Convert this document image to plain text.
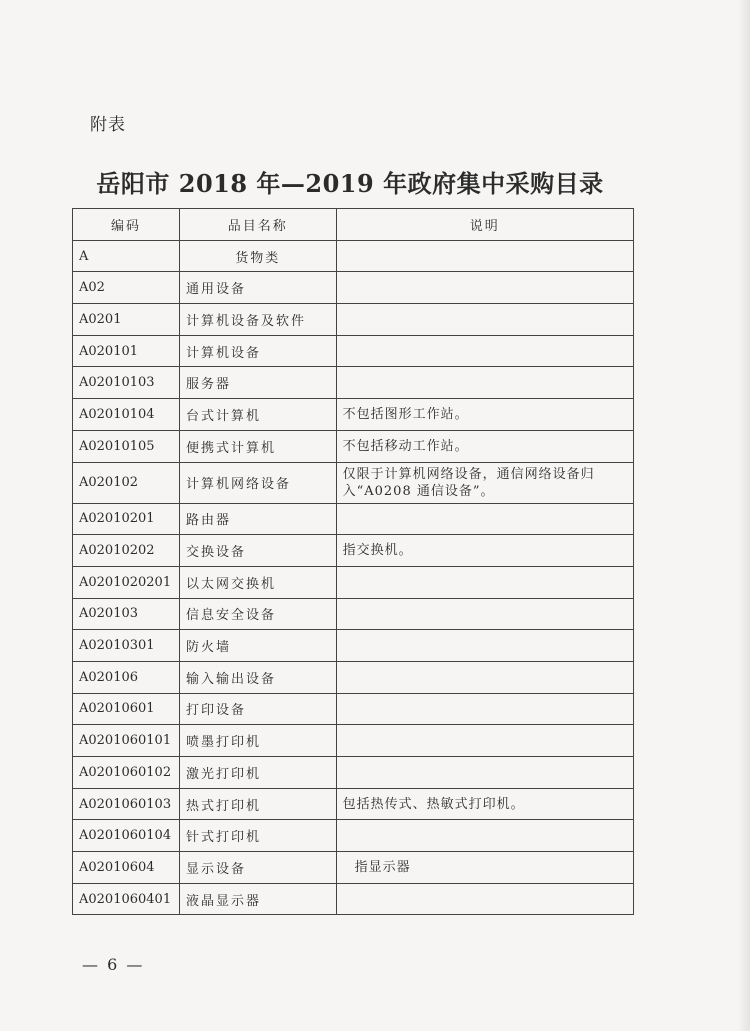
附表
岳阳市 2018 年—2019 年政府集中采购目录
编码	品目名称	说明
A	货物类	
A02	通用设备	
A0201	计算机设备及软件	
A020101	计算机设备	
A02010103	服务器	
A02010104	台式计算机	不包括图形工作站。
A02010105	便携式计算机	不包括移动工作站。
A020102	计算机网络设备	仅限于计算机网络设备，通信网络设备归入“A0208 通信设备”。
A02010201	路由器	
A02010202	交换设备	指交换机。
A0201020201	以太网交换机	
A020103	信息安全设备	
A02010301	防火墙	
A020106	输入输出设备	
A02010601	打印设备	
A0201060101	喷墨打印机	
A0201060102	激光打印机	
A0201060103	热式打印机	包括热传式、热敏式打印机。
A0201060104	针式打印机	
A02010604	显示设备	指显示器
A0201060401	液晶显示器	
— 6 —
